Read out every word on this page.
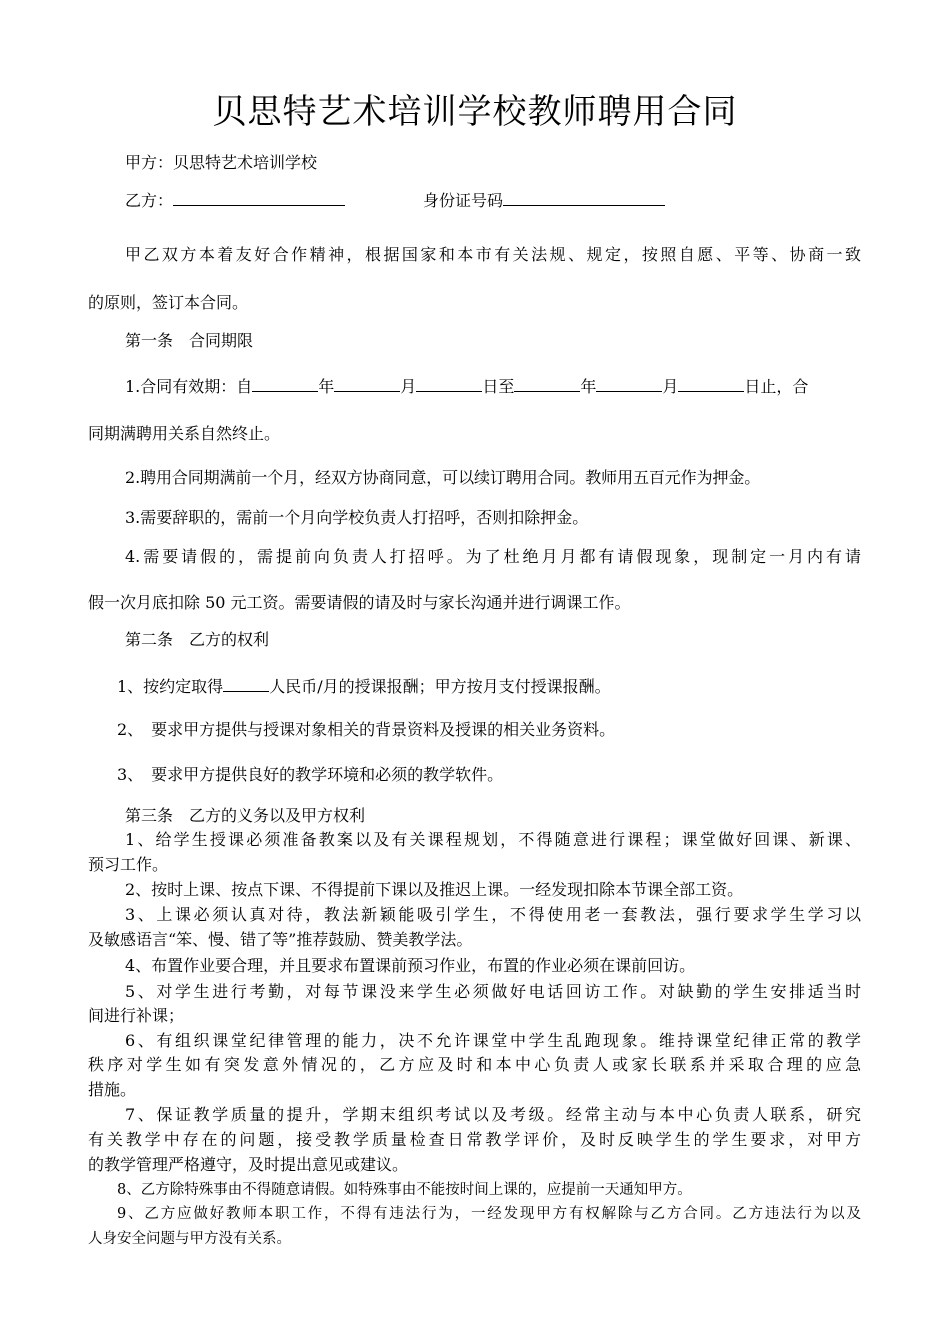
贝思特艺术培训学校教师聘用合同
甲方：贝思特艺术培训学校
乙方：	身份证号码
甲乙双方本着友好合作精神，根据国家和本市有关法规、规定，按照自愿、平等、协商一致
的原则，签订本合同。
第一条　合同期限
1.合同有效期：自	年	月	日至	年	月	日止，合
同期满聘用关系自然终止。
2.聘用合同期满前一个月，经双方协商同意，可以续订聘用合同。教师用五百元作为押金。
3.需要辞职的，需前一个月向学校负责人打招呼，否则扣除押金。
4.需要请假的，需提前向负责人打招呼。为了杜绝月月都有请假现象，现制定一月内有请
假一次月底扣除 50 元工资。需要请假的请及时与家长沟通并进行调课工作。
第二条　乙方的权利
1、按约定取得	人民币/月的授课报酬；甲方按月支付授课报酬。
2、　要求甲方提供与授课对象相关的背景资料及授课的相关业务资料。
3、　要求甲方提供良好的教学环境和必须的教学软件。
第三条　乙方的义务以及甲方权利
1、给学生授课必须准备教案以及有关课程规划，不得随意进行课程；课堂做好回课、新课、
预习工作。
2、按时上课、按点下课、不得提前下课以及推迟上课。一经发现扣除本节课全部工资。
3、上课必须认真对待，教法新颖能吸引学生，不得使用老一套教法，强行要求学生学习以
及敏感语言“笨、慢、错了等”推荐鼓励、赞美教学法。
4、布置作业要合理，并且要求布置课前预习作业，布置的作业必须在课前回访。
5、对学生进行考勤，对每节课没来学生必须做好电话回访工作。对缺勤的学生安排适当时
间进行补课；
6、有组织课堂纪律管理的能力，决不允许课堂中学生乱跑现象。维持课堂纪律正常的教学
秩序对学生如有突发意外情况的，乙方应及时和本中心负责人或家长联系并采取合理的应急
措施。
7、保证教学质量的提升，学期末组织考试以及考级。经常主动与本中心负责人联系，研究
有关教学中存在的问题，接受教学质量检查日常教学评价，及时反映学生的学生要求，对甲方
的教学管理严格遵守，及时提出意见或建议。
8、乙方除特殊事由不得随意请假。如特殊事由不能按时间上课的，应提前一天通知甲方。
9、乙方应做好教师本职工作，不得有违法行为，一经发现甲方有权解除与乙方合同。乙方违法行为以及
人身安全问题与甲方没有关系。
